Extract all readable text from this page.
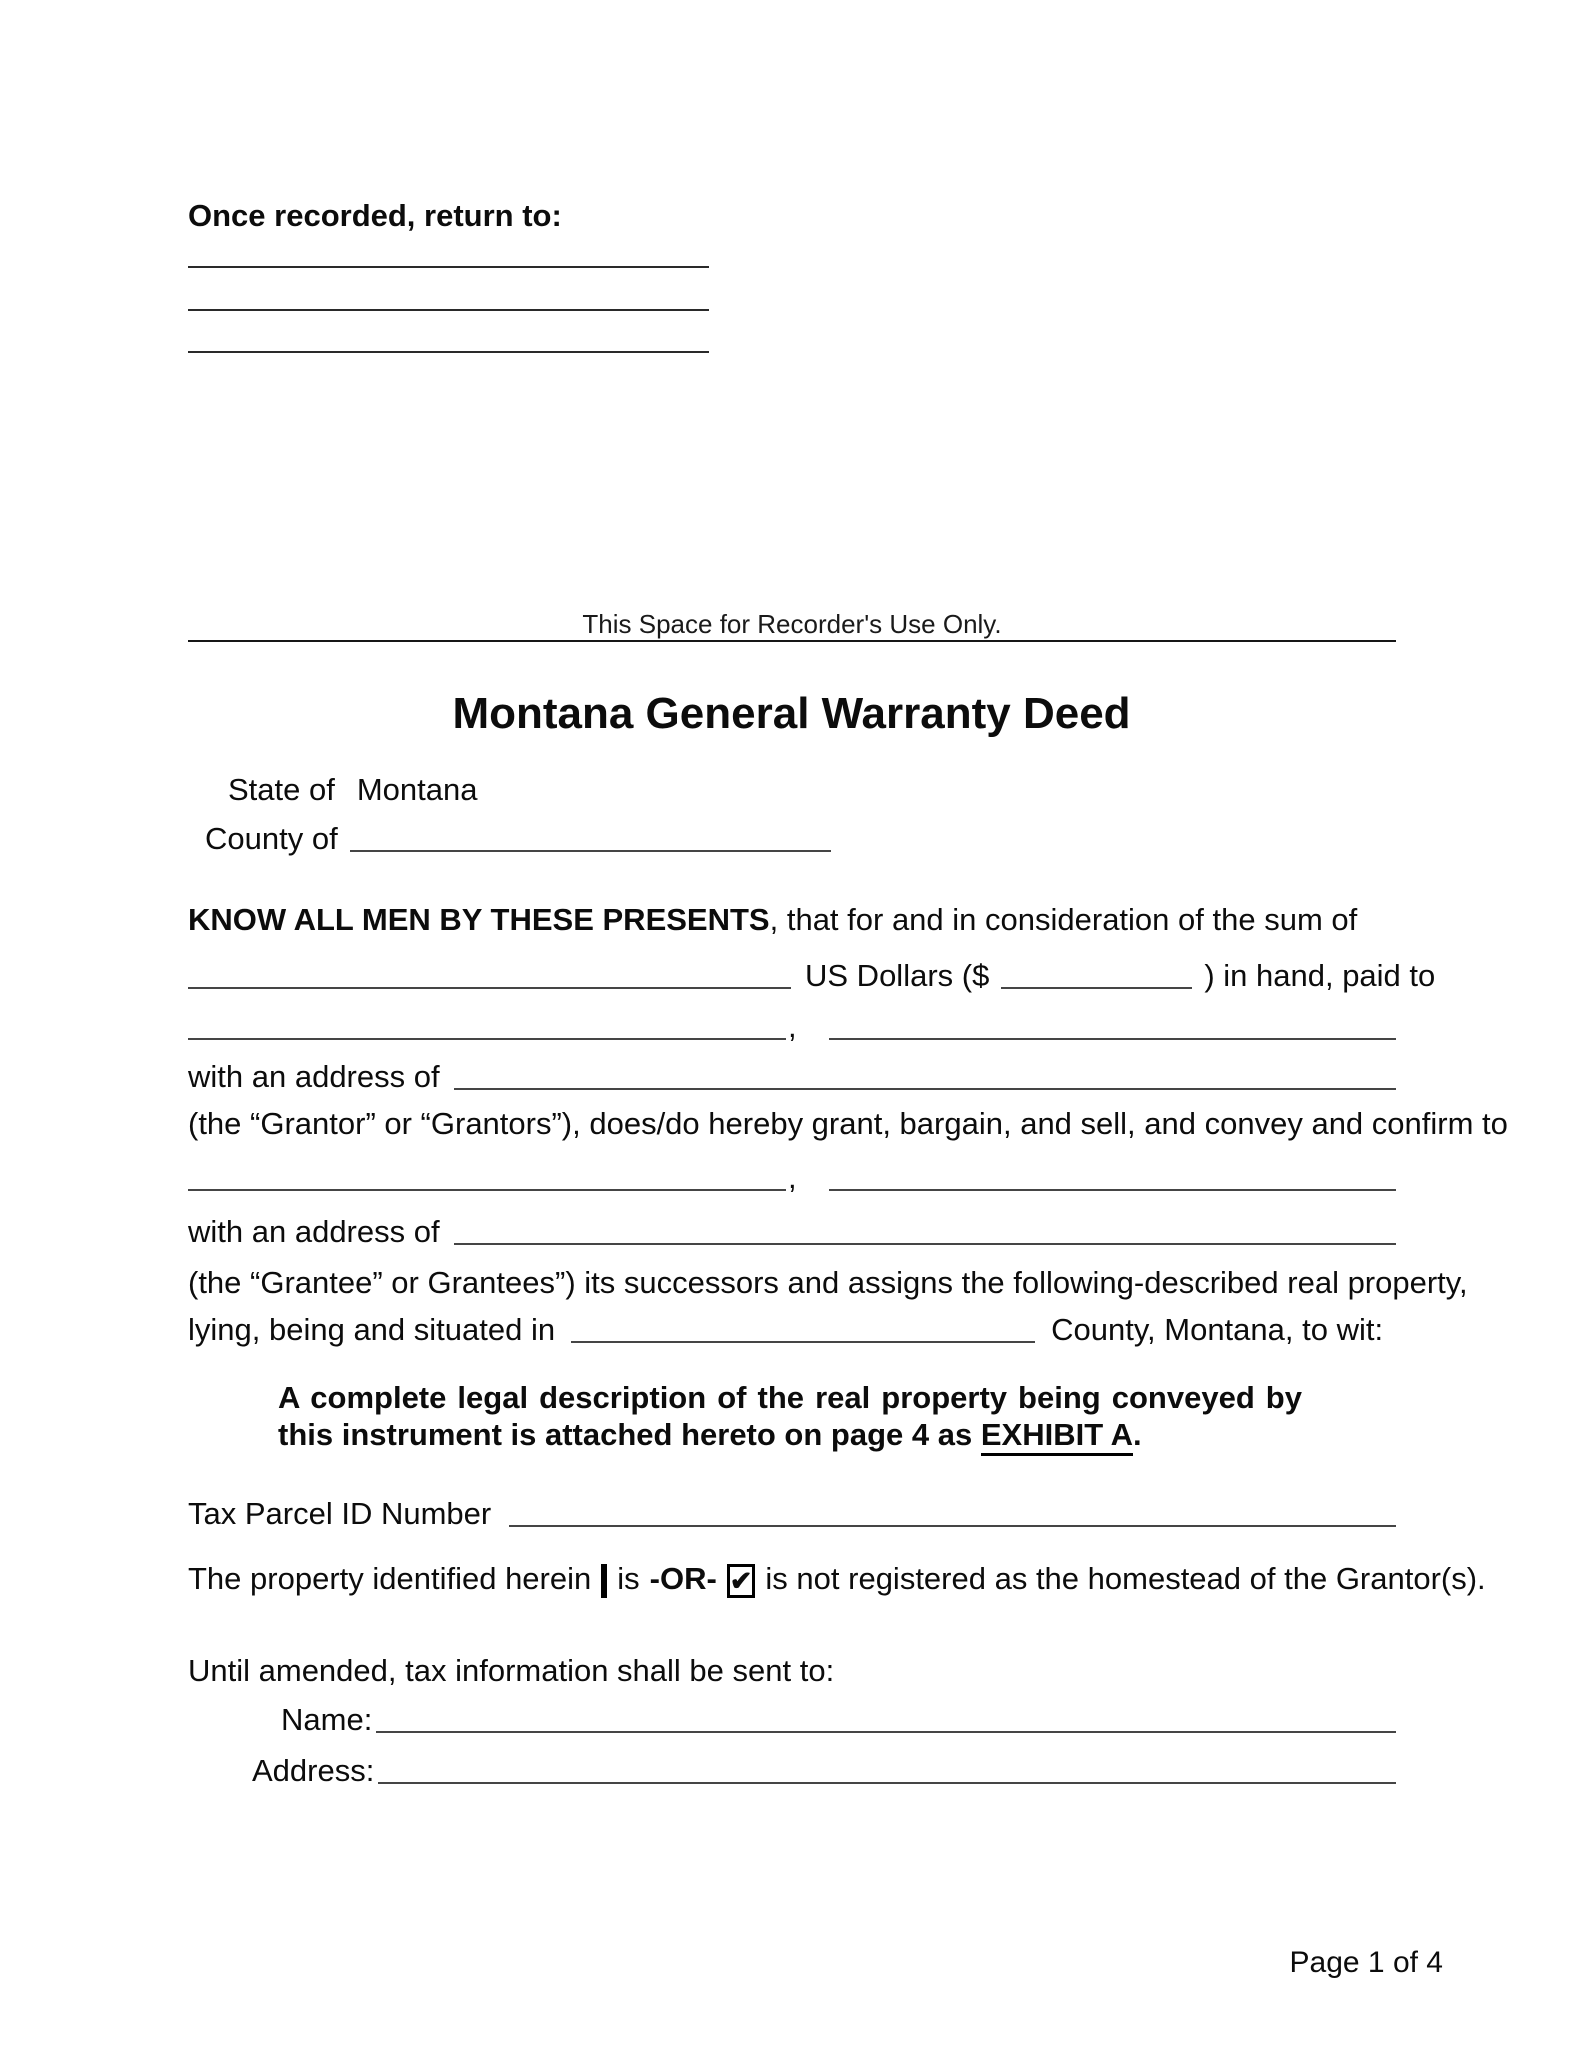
Once recorded, return to:
This Space for Recorder's Use Only.
Montana General Warranty Deed
State of Montana
County of
KNOW ALL MEN BY THESE PRESENTS, that for and in consideration of the sum of
US Dollars ($	) in hand, paid to
,
with an address of
(the “Grantor” or “Grantors”), does/do hereby grant, bargain, and sell, and convey and confirm to
,
with an address of
(the “Grantee” or Grantees”) its successors and assigns the following-described real property,
lying, being and situated in	County, Montana, to wit:
A complete legal description of the real property being conveyed by this instrument is attached hereto on page 4 as EXHIBIT A.
Tax Parcel ID Number
The property identified herein is -OR- ✔ is not registered as the homestead of the Grantor(s).
Until amended, tax information shall be sent to:
Name:
Address:
Page 1 of 4
